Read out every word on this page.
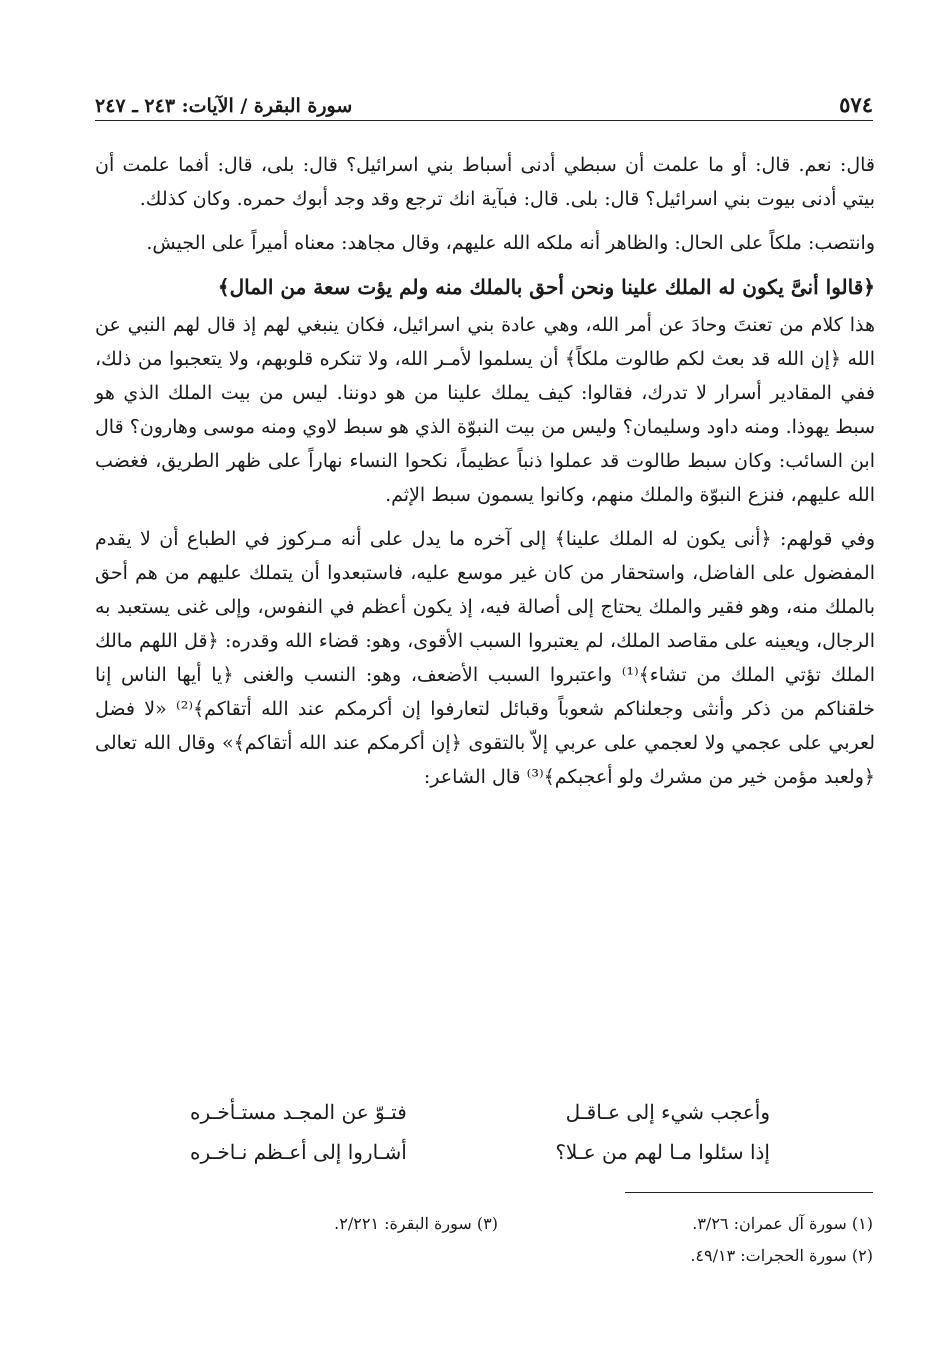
٥٧٤
سورة البقرة / الآيات: ٢٤٣ ـ ٢٤٧

قال: نعم. قال: أو ما علمت أن سبطي أدنى أسباط بني اسرائيل؟ قال: بلى، قال: أفما علمت أن بيتي أدنى بيوت بني اسرائيل؟ قال: بلى. قال: فبآية انك ترجع وقد وجد أبوك حمره. وكان كذلك.

وانتصب: ملكاً على الحال: والظاهر أنه ملكه الله عليهم، وقال مجاهد: معناه أميراً على الجيش.

﴿قالوا أنىَّ يكون له الملك علينا ونحن أحق بالملك منه ولم يؤت سعة من المال﴾

هذا كلام من تعنتَ وحادَ عن أمر الله، وهي عادة بني اسرائيل، فكان ينبغي لهم إذ قال لهم النبي عن الله ﴿إن الله قد بعث لكم طالوت ملكاً﴾ أن يسلموا لأمـر الله، ولا تنكره قلوبهم، ولا يتعجبوا من ذلك، ففي المقادير أسرار لا تدرك، فقالوا: كيف يملك علينا من هو دوننا. ليس من بيت الملك الذي هو سبط يهوذا. ومنه داود وسليمان؟ وليس من بيت النبوّة الذي هو سبط لاوي ومنه موسى وهارون؟ قال ابن السائب: وكان سبط طالوت قد عملوا ذنباً عظيماً، نكحوا النساء نهاراً على ظهر الطريق، فغضب الله عليهم، فنزع النبوّة والملك منهم، وكانوا يسمون سبط الإثم.

وفي قولهم: ﴿أنى يكون له الملك علينا﴾ إلى آخره ما يدل على أنه مـركوز في الطباع أن لا يقدم المفضول على الفاضل، واستحقار من كان غير موسع عليه، فاستبعدوا أن يتملك عليهم من هم أحق بالملك منه، وهو فقير والملك يحتاج إلى أصالة فيه، إذ يكون أعظم في النفوس، وإلى غنى يستعبد به الرجال، ويعينه على مقاصد الملك، لم يعتبروا السبب الأقوى، وهو: قضاء الله وقدره: ﴿قل اللهم مالك الملك تؤتي الملك من تشاء﴾⁽¹⁾ واعتبروا السبب الأضعف، وهو: النسب والغنى ﴿يا أيها الناس إنا خلقناكم من ذكر وأنثى وجعلناكم شعوباً وقبائل لتعارفوا إن أكرمكم عند الله أتقاكم﴾⁽²⁾ «لا فضل لعربي على عجمي ولا لعجمي على عربي إلاّ بالتقوى ﴿إن أكرمكم عند الله أتقاكم﴾» وقال الله تعالى ﴿ولعبد مؤمن خير من مشرك ولو أعجبكم﴾⁽³⁾ قال الشاعر:

وأعجب شيء إلى عـاقـل
فتـوّ عن المجـد مستـأخـره
إذا سئلوا مـا لهم من عـلا؟
أشـاروا إلى أعـظم نـاخـره
(١) سورة آل عمران: ٣/٢٦.
(٢) سورة الحجرات: ٤٩/١٣.
(٣) سورة البقرة: ٢/٢٢١.
